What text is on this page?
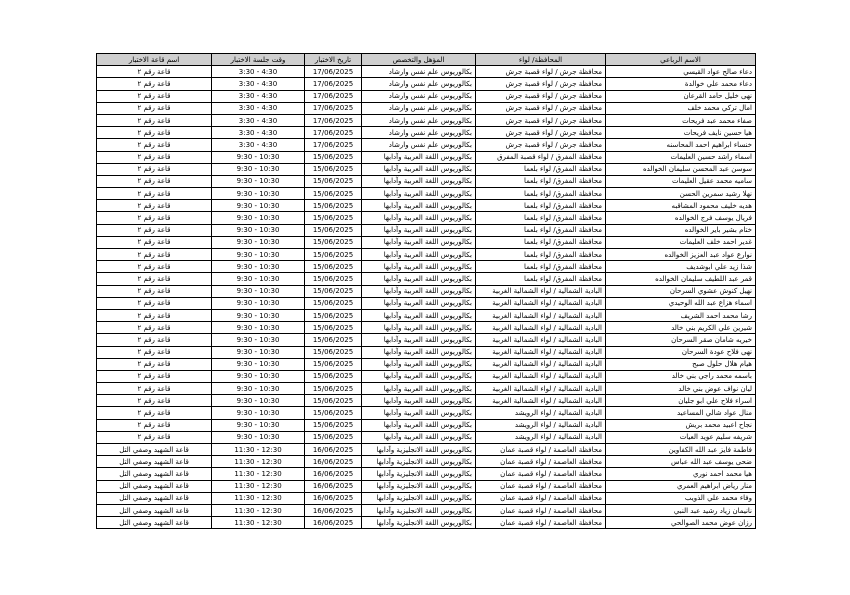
الاسم الرباعي	المحافظة/ لواء	المؤهل والتخصص	تاريخ الاختبار	وقت جلسة الاختبار	اسم قاعة الاختبار
دعاء صالح عواد القيسي	محافظة جرش / لواء قصبة جرش	بكالوريوس علم نفس وارشاد	17/06/2025	3:30 - 4:30	قاعة رقم ٢
دعاء محمد علي خوالدة	محافظة جرش / لواء قصبة جرش	بكالوريوس علم نفس وارشاد	17/06/2025	3:30 - 4:30	قاعة رقم ٢
نهى خليل حامد القرعان	محافظة جرش / لواء قصبة جرش	بكالوريوس علم نفس وارشاد	17/06/2025	3:30 - 4:30	قاعة رقم ٢
امال تركي محمد خلف	محافظة جرش / لواء قصبة جرش	بكالوريوس علم نفس وارشاد	17/06/2025	3:30 - 4:30	قاعة رقم ٢
صفاء محمد عبد فريحات	محافظة جرش / لواء قصبة جرش	بكالوريوس علم نفس وارشاد	17/06/2025	3:30 - 4:30	قاعة رقم ٢
هيا حسين نايف فريحات	محافظة جرش / لواء قصبة جرش	بكالوريوس علم نفس وارشاد	17/06/2025	3:30 - 4:30	قاعة رقم ٢
خنساء ابراهيم احمد المحاسنه	محافظة جرش / لواء قصبة جرش	بكالوريوس علم نفس وارشاد	17/06/2025	3:30 - 4:30	قاعة رقم ٢
اسماء راشد حسين العليمات	محافظة المفرق / لواء قصبة المفرق	بكالوريوس اللغة العربية وآدابها	15/06/2025	9:30 - 10:30	قاعة رقم ٢
سوسن عبد المحسن سليمان الخوالده	محافظة المفرق/ لواء بلعما	بكالوريوس اللغة العربية وآدابها	15/06/2025	9:30 - 10:30	قاعة رقم ٢
ساميه محمد عقيل العليمات	محافظة المفرق/ لواء بلعما	بكالوريوس اللغة العربية وآدابها	15/06/2025	9:30 - 10:30	قاعة رقم ٢
نهلا رشيد سمرين الحسن	محافظة المفرق/ لواء بلعما	بكالوريوس اللغة العربية وآدابها	15/06/2025	9:30 - 10:30	قاعة رقم ٢
هديه خليف محمود المشاقبه	محافظة المفرق/ لواء بلعما	بكالوريوس اللغة العربية وآدابها	15/06/2025	9:30 - 10:30	قاعة رقم ٢
فريال يوسف فرج الخوالده	محافظة المفرق/ لواء بلعما	بكالوريوس اللغة العربية وآدابها	15/06/2025	9:30 - 10:30	قاعة رقم ٢
ختام بشير باير الخوالده	محافظة المفرق/ لواء بلعما	بكالوريوس اللغة العربية وآدابها	15/06/2025	9:30 - 10:30	قاعة رقم ٢
غدير احمد خلف العليمات	محافظة المفرق/ لواء بلعما	بكالوريوس اللغة العربية وآدابها	15/06/2025	9:30 - 10:30	قاعة رقم ٢
نوارع عواد عبد العزيز الخوالده	محافظة المفرق/ لواء بلعما	بكالوريوس اللغة العربية وآدابها	15/06/2025	9:30 - 10:30	قاعة رقم ٢
شذا زيد علي ابوشديف	محافظة المفرق/ لواء بلعما	بكالوريوس اللغة العربية وآدابها	15/06/2025	9:30 - 10:30	قاعة رقم ٢
قمر عبد اللطيف سليمان الخوالده	محافظة المفرق/ لواء بلعما	بكالوريوس اللغة العربية وآدابها	15/06/2025	9:30 - 10:30	قاعة رقم ٢
نهيل كنوش عشوي السرحان	البادية الشمالية / لواء الشمالية الغربية	بكالوريوس اللغة العربية وآدابها	15/06/2025	9:30 - 10:30	قاعة رقم ٢
اسماء هزاع عبد الله الوحيدي	البادية الشمالية / لواء الشمالية الغربية	بكالوريوس اللغة العربية وآدابها	15/06/2025	9:30 - 10:30	قاعة رقم ٢
رشا محمد احمد الشريف	البادية الشمالية / لواء الشمالية الغربية	بكالوريوس اللغة العربية وآدابها	15/06/2025	9:30 - 10:30	قاعة رقم ٢
شيرين علي الكريم بني خالد	البادية الشمالية / لواء الشمالية الغربية	بكالوريوس اللغة العربية وآدابها	15/06/2025	9:30 - 10:30	قاعة رقم ٢
خيريه شامان صقر السرحان	البادية الشمالية / لواء الشمالية الغربية	بكالوريوس اللغة العربية وآدابها	15/06/2025	9:30 - 10:30	قاعة رقم ٢
نهى فلاح عودة السرحان	البادية الشمالية / لواء الشمالية الغربية	بكالوريوس اللغة العربية وآدابها	15/06/2025	9:30 - 10:30	قاعة رقم ٢
هيام هلال حلول صبح	البادية الشمالية / لواء الشمالية الغربية	بكالوريوس اللغة العربية وآدابها	15/06/2025	9:30 - 10:30	قاعة رقم ٢
باسمه محمد راجي بني خالد	البادية الشمالية / لواء الشمالية الغربية	بكالوريوس اللغة العربية وآدابها	15/06/2025	9:30 - 10:30	قاعة رقم ٢
ليان نواف عوض بني خالد	البادية الشمالية / لواء الشمالية الغربية	بكالوريوس اللغة العربية وآدابها	15/06/2025	9:30 - 10:30	قاعة رقم ٢
اسراء فلاح علي ابو جليان	البادية الشمالية / لواء الشمالية الغربية	بكالوريوس اللغة العربية وآدابها	15/06/2025	9:30 - 10:30	قاعة رقم ٢
منال عواد شالي المساعيد	البادية الشمالية / لواء الرويشد	بكالوريوس اللغة العربية وآدابها	15/06/2025	9:30 - 10:30	قاعة رقم ٢
نجاح اعبيد محمد بريش	البادية الشمالية / لواء الرويشد	بكالوريوس اللغة العربية وآدابها	15/06/2025	9:30 - 10:30	قاعة رقم ٢
شريفه سليم عويد العيات	البادية الشمالية / لواء الرويشد	بكالوريوس اللغة العربية وآدابها	15/06/2025	9:30 - 10:30	قاعة رقم ٢
فاطمة فايز عبد الله الكفاوين	محافظة العاصمة / لواء قصبة عمان	بكالوريوس اللغة الانجليزية وآدابها	16/06/2025	11:30 - 12:30	قاعة الشهيد وصفي التل
ضحى يوسف عبد الله عباس	محافظة العاصمة / لواء قصبة عمان	بكالوريوس اللغة الانجليزية وآدابها	16/06/2025	11:30 - 12:30	قاعة الشهيد وصفي التل
هيا محمد احمد نوري	محافظة العاصمة / لواء قصبة عمان	بكالوريوس اللغة الانجليزية وآدابها	16/06/2025	11:30 - 12:30	قاعة الشهيد وصفي التل
منار رياض ابراهيم العمري	محافظة العاصمة / لواء قصبة عمان	بكالوريوس اللغة الانجليزية وآدابها	16/06/2025	11:30 - 12:30	قاعة الشهيد وصفي التل
وفاء محمد علي الذويب	محافظة العاصمة / لواء قصبة عمان	بكالوريوس اللغة الانجليزية وآدابها	16/06/2025	11:30 - 12:30	قاعة الشهيد وصفي التل
نانيمان زياد رشيد عبد النبي	محافظة العاصمة / لواء قصبة عمان	بكالوريوس اللغة الانجليزية وآدابها	16/06/2025	11:30 - 12:30	قاعة الشهيد وصفي التل
رزان عوض محمد الصوالحي	محافظة العاصمة / لواء قصبة عمان	بكالوريوس اللغة الانجليزية وآدابها	16/06/2025	11:30 - 12:30	قاعة الشهيد وصفي التل
